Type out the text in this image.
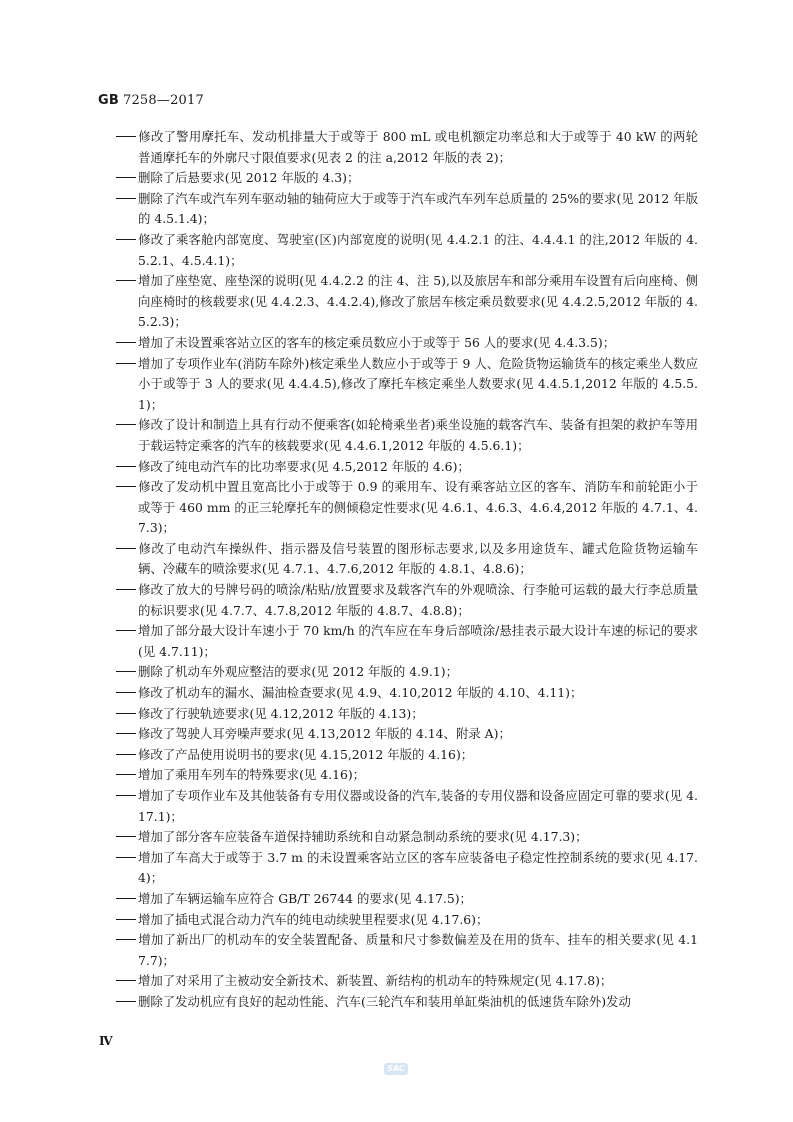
GB 7258—2017
修改了警用摩托车、发动机排量大于或等于 800 mL 或电机额定功率总和大于或等于 40 kW 的两轮普通摩托车的外廓尺寸限值要求(见表 2 的注 a,2012 年版的表 2)；
删除了后悬要求(见 2012 年版的 4.3)；
删除了汽车或汽车列车驱动轴的轴荷应大于或等于汽车或汽车列车总质量的 25%的要求(见 2012 年版的 4.5.1.4)；
修改了乘客舱内部宽度、驾驶室(区)内部宽度的说明(见 4.4.2.1 的注、4.4.4.1 的注,2012 年版的 4.5.2.1、4.5.4.1)；
增加了座垫宽、座垫深的说明(见 4.4.2.2 的注 4、注 5),以及旅居车和部分乘用车设置有后向座椅、侧向座椅时的核载要求(见 4.4.2.3、4.4.2.4),修改了旅居车核定乘员数要求(见 4.4.2.5,2012 年版的 4.5.2.3)；
增加了未设置乘客站立区的客车的核定乘员数应小于或等于 56 人的要求(见 4.4.3.5)；
增加了专项作业车(消防车除外)核定乘坐人数应小于或等于 9 人、危险货物运输货车的核定乘坐人数应小于或等于 3 人的要求(见 4.4.4.5),修改了摩托车核定乘坐人数要求(见 4.4.5.1,2012 年版的 4.5.5.1)；
修改了设计和制造上具有行动不便乘客(如轮椅乘坐者)乘坐设施的载客汽车、装备有担架的救护车等用于载运特定乘客的汽车的核载要求(见 4.4.6.1,2012 年版的 4.5.6.1)；
修改了纯电动汽车的比功率要求(见 4.5,2012 年版的 4.6)；
修改了发动机中置且宽高比小于或等于 0.9 的乘用车、设有乘客站立区的客车、消防车和前轮距小于或等于 460 mm 的正三轮摩托车的侧倾稳定性要求(见 4.6.1、4.6.3、4.6.4,2012 年版的 4.7.1、4.7.3)；
修改了电动汽车操纵件、指示器及信号装置的图形标志要求,以及多用途货车、罐式危险货物运输车辆、冷藏车的喷涂要求(见 4.7.1、4.7.6,2012 年版的 4.8.1、4.8.6)；
修改了放大的号牌号码的喷涂/粘贴/放置要求及载客汽车的外观喷涂、行李舱可运载的最大行李总质量的标识要求(见 4.7.7、4.7.8,2012 年版的 4.8.7、4.8.8)；
增加了部分最大设计车速小于 70 km/h 的汽车应在车身后部喷涂/悬挂表示最大设计车速的标记的要求(见 4.7.11)；
删除了机动车外观应整洁的要求(见 2012 年版的 4.9.1)；
修改了机动车的漏水、漏油检查要求(见 4.9、4.10,2012 年版的 4.10、4.11)；
修改了行驶轨迹要求(见 4.12,2012 年版的 4.13)；
修改了驾驶人耳旁噪声要求(见 4.13,2012 年版的 4.14、附录 A)；
修改了产品使用说明书的要求(见 4.15,2012 年版的 4.16)；
增加了乘用车列车的特殊要求(见 4.16)；
增加了专项作业车及其他装备有专用仪器或设备的汽车,装备的专用仪器和设备应固定可靠的要求(见 4.17.1)；
增加了部分客车应装备车道保持辅助系统和自动紧急制动系统的要求(见 4.17.3)；
增加了车高大于或等于 3.7 m 的未设置乘客站立区的客车应装备电子稳定性控制系统的要求(见 4.17.4)；
增加了车辆运输车应符合 GB/T 26744 的要求(见 4.17.5)；
增加了插电式混合动力汽车的纯电动续驶里程要求(见 4.17.6)；
增加了新出厂的机动车的安全装置配备、质量和尺寸参数偏差及在用的货车、挂车的相关要求(见 4.17.7)；
增加了对采用了主被动安全新技术、新装置、新结构的机动车的特殊规定(见 4.17.8)；
删除了发动机应有良好的起动性能、汽车(三轮汽车和装用单缸柴油机的低速货车除外)发动
Ⅳ
SAC
